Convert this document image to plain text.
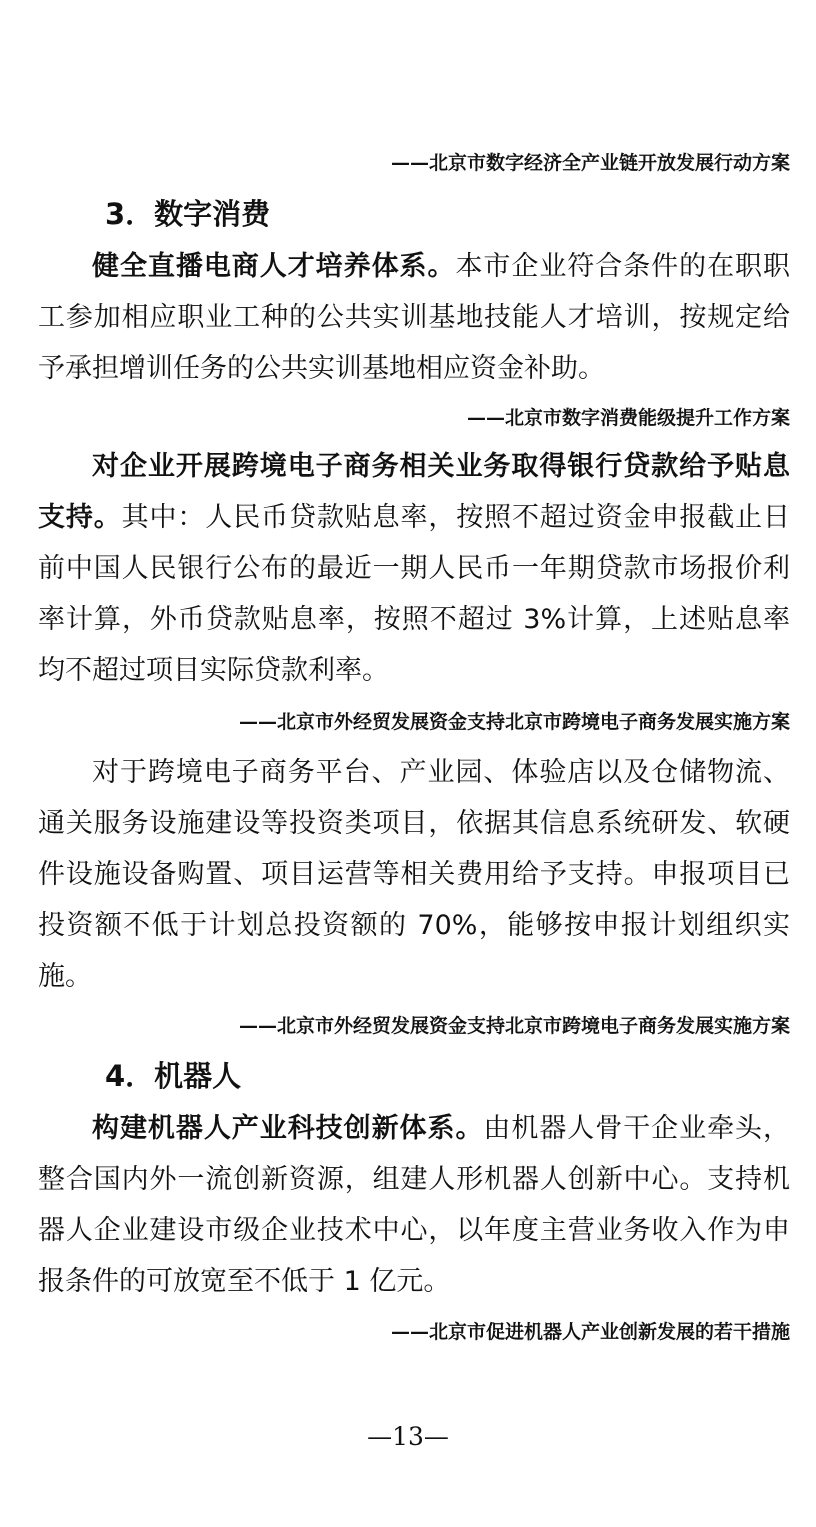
——北京市数字经济全产业链开放发展行动方案
3．数字消费

健全直播电商人才培养体系。本市企业符合条件的在职职工参加相应职业工种的公共实训基地技能人才培训，按规定给予承担增训任务的公共实训基地相应资金补助。

——北京市数字消费能级提升工作方案

对企业开展跨境电子商务相关业务取得银行贷款给予贴息支持。其中：人民币贷款贴息率，按照不超过资金申报截止日前中国人民银行公布的最近一期人民币一年期贷款市场报价利率计算，外币贷款贴息率，按照不超过 3%计算，上述贴息率均不超过项目实际贷款利率。

——北京市外经贸发展资金支持北京市跨境电子商务发展实施方案

对于跨境电子商务平台、产业园、体验店以及仓储物流、通关服务设施建设等投资类项目，依据其信息系统研发、软硬件设施设备购置、项目运营等相关费用给予支持。申报项目已投资额不低于计划总投资额的 70%，能够按申报计划组织实施。

——北京市外经贸发展资金支持北京市跨境电子商务发展实施方案
4．机器人

构建机器人产业科技创新体系。由机器人骨干企业牵头，整合国内外一流创新资源，组建人形机器人创新中心。支持机器人企业建设市级企业技术中心，以年度主营业务收入作为申报条件的可放宽至不低于 1 亿元。

——北京市促进机器人产业创新发展的若干措施
—13—
